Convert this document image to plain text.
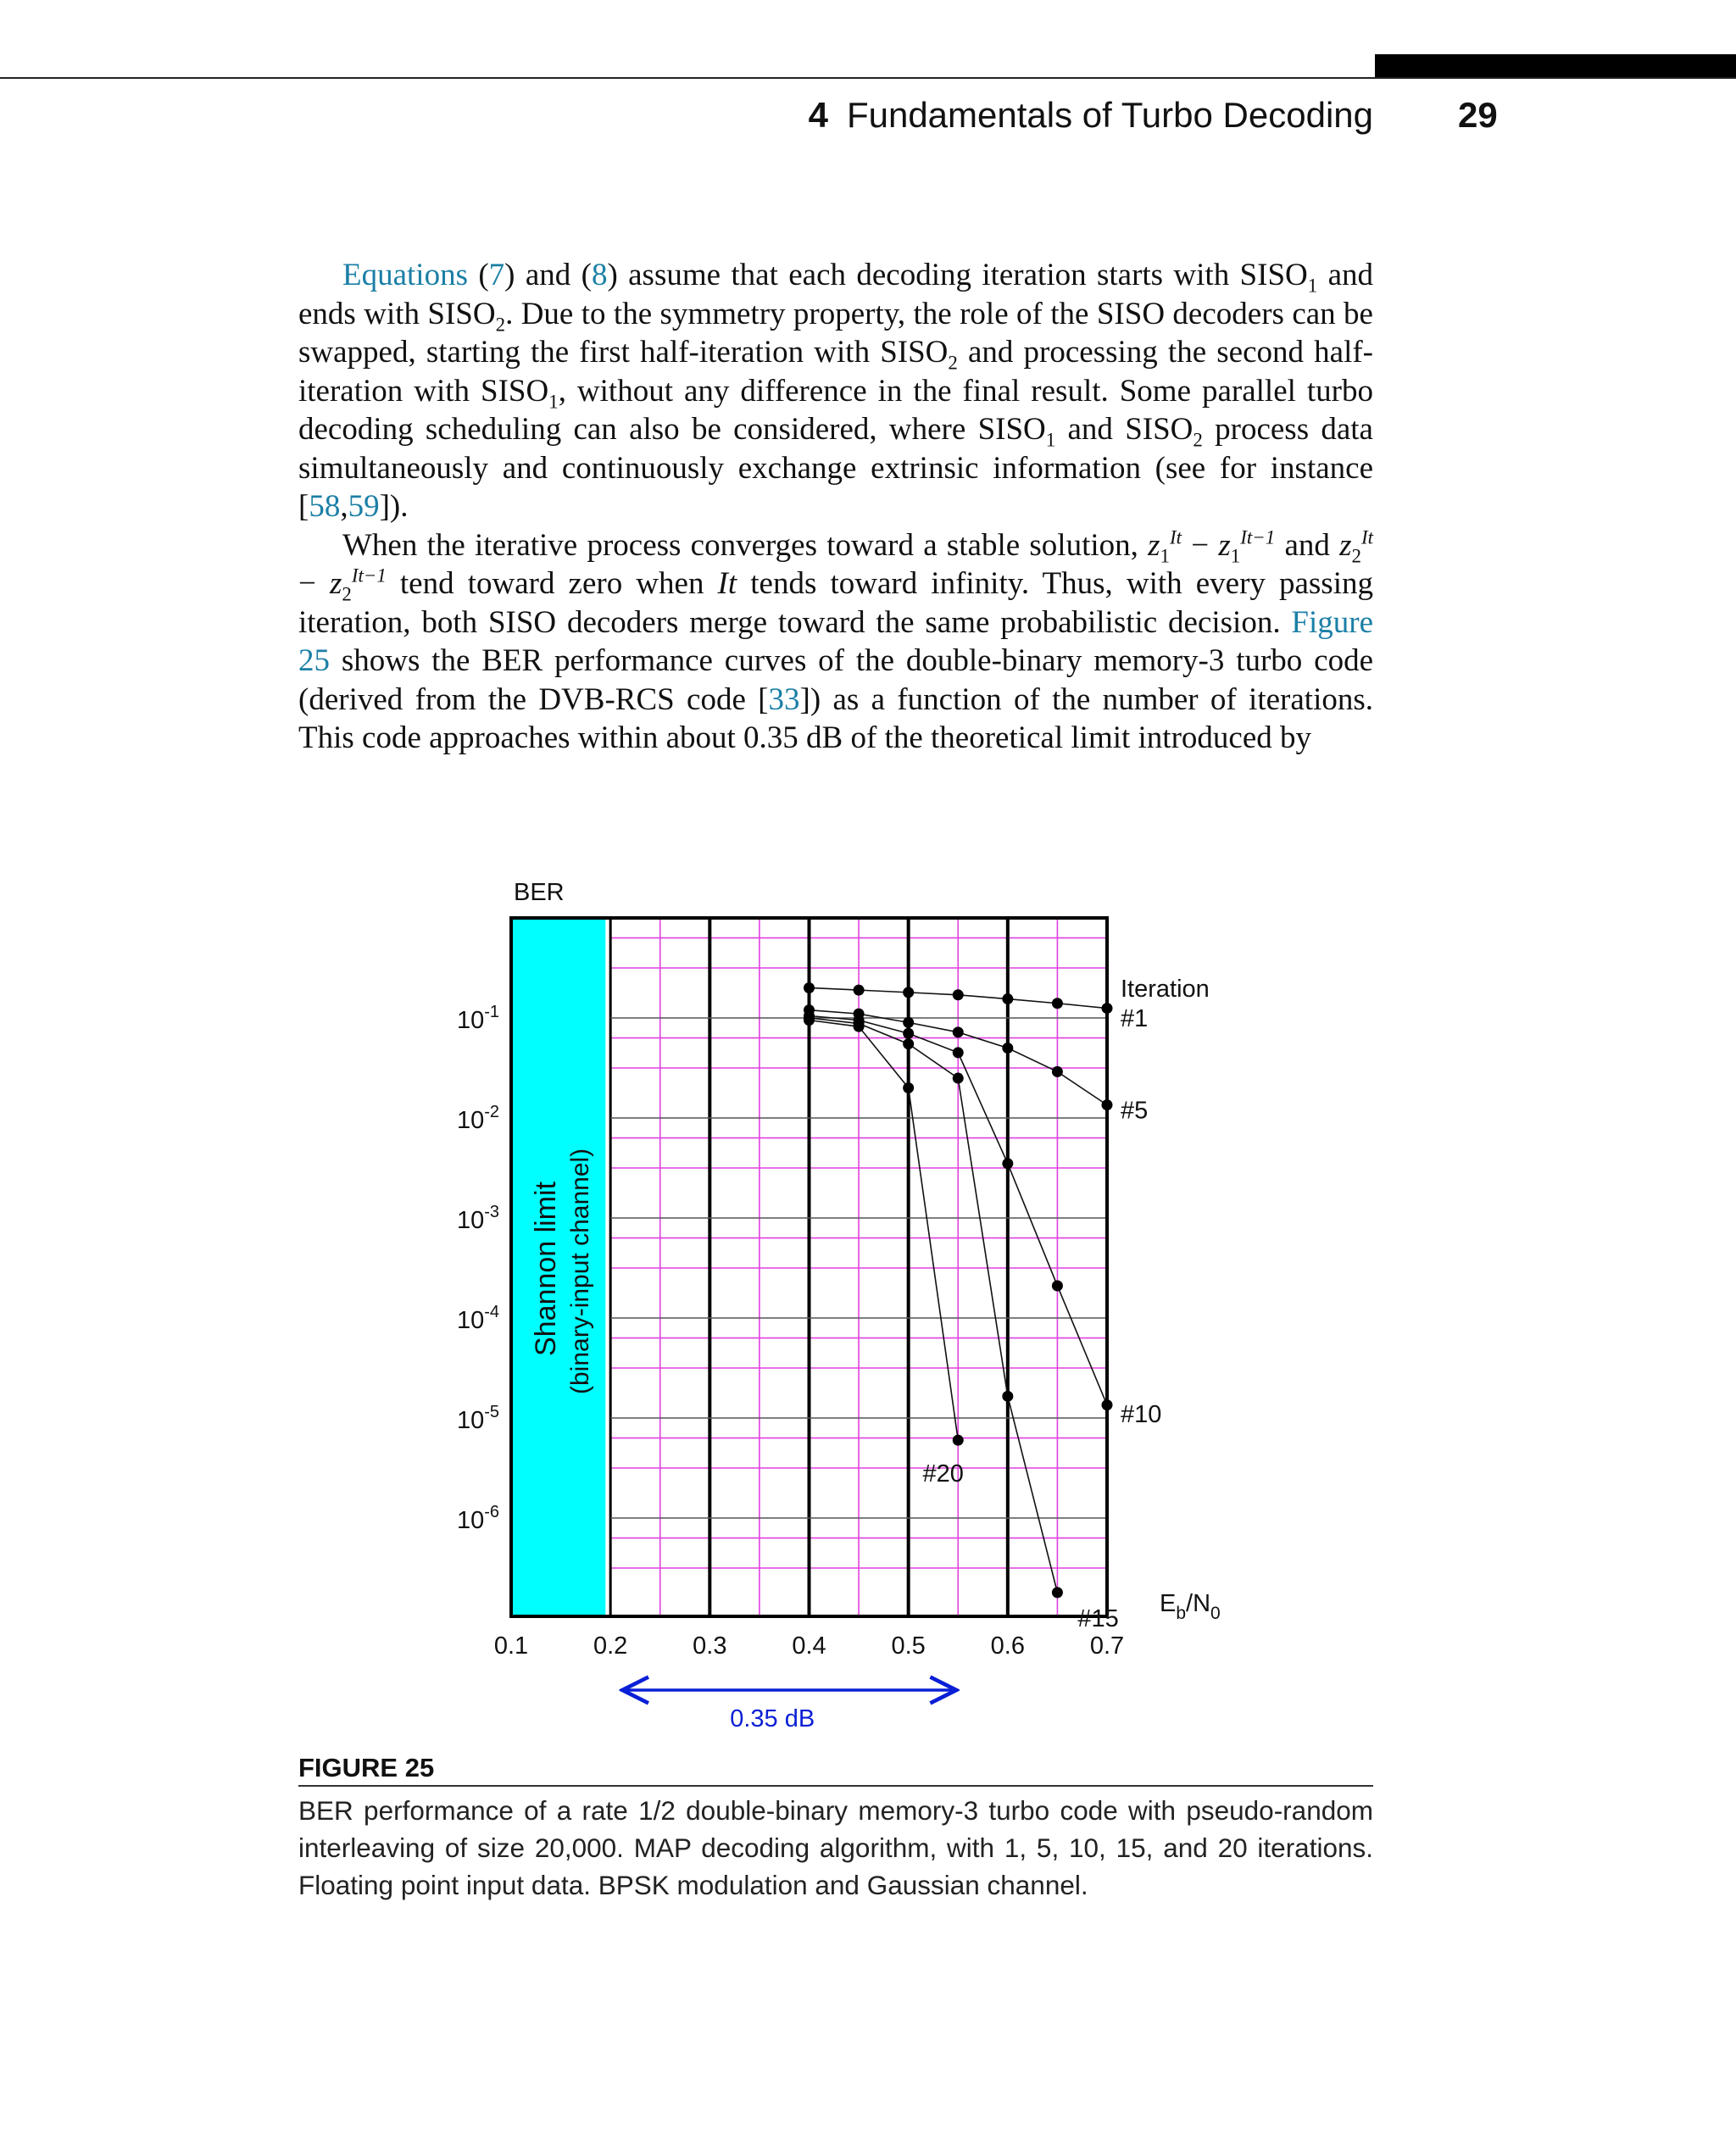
4 Fundamentals of Turbo Decoding 29

Equations (7) and (8) assume that each decoding iteration starts with $SISO_1$ and ends with $SISO_2$. Due to the symmetry property, the role of the SISO decoders can be swapped, starting the first half-iteration with $SISO_2$ and processing the second half-iteration with $SISO_1$, without any difference in the final result. Some parallel turbo decoding scheduling can also be considered, where $SISO_1$ and $SISO_2$ process data simultaneously and continuously exchange extrinsic information (see for instance [58,59]).

When the iterative process converges toward a stable solution, $z_1^{It} - z_1^{It-1}$ and $z_2^{It} - z_2^{It-1}$ tend toward zero when It tends toward infinity. Thus, with every passing iteration, both SISO decoders merge toward the same probabilistic decision. Figure 25 shows the BER performance curves of the double-binary memory-3 turbo code (derived from the DVB-RCS code [33]) as a function of the number of iterations. This code approaches within about 0.35 dB of the theoretical limit introduced by

BER
Shannon limit (binary-input channel)
Iteration
$E_b/N_0$
0.35 dB
0.1	0.2	0.3	0.4	0.5	0.6	0.7
$10^{-1}$
$10^{-2}$
$10^{-3}$
$10^{-4}$
$10^{-5}$
$10^{-6}$
#1
#5
#10
#15
#20
FIGURE 25
BER performance of a rate 1/2 double-binary memory-3 turbo code with pseudo-random interleaving of size 20,000. MAP decoding algorithm, with 1, 5, 10, 15, and 20 iterations. Floating point input data. BPSK modulation and Gaussian channel.
